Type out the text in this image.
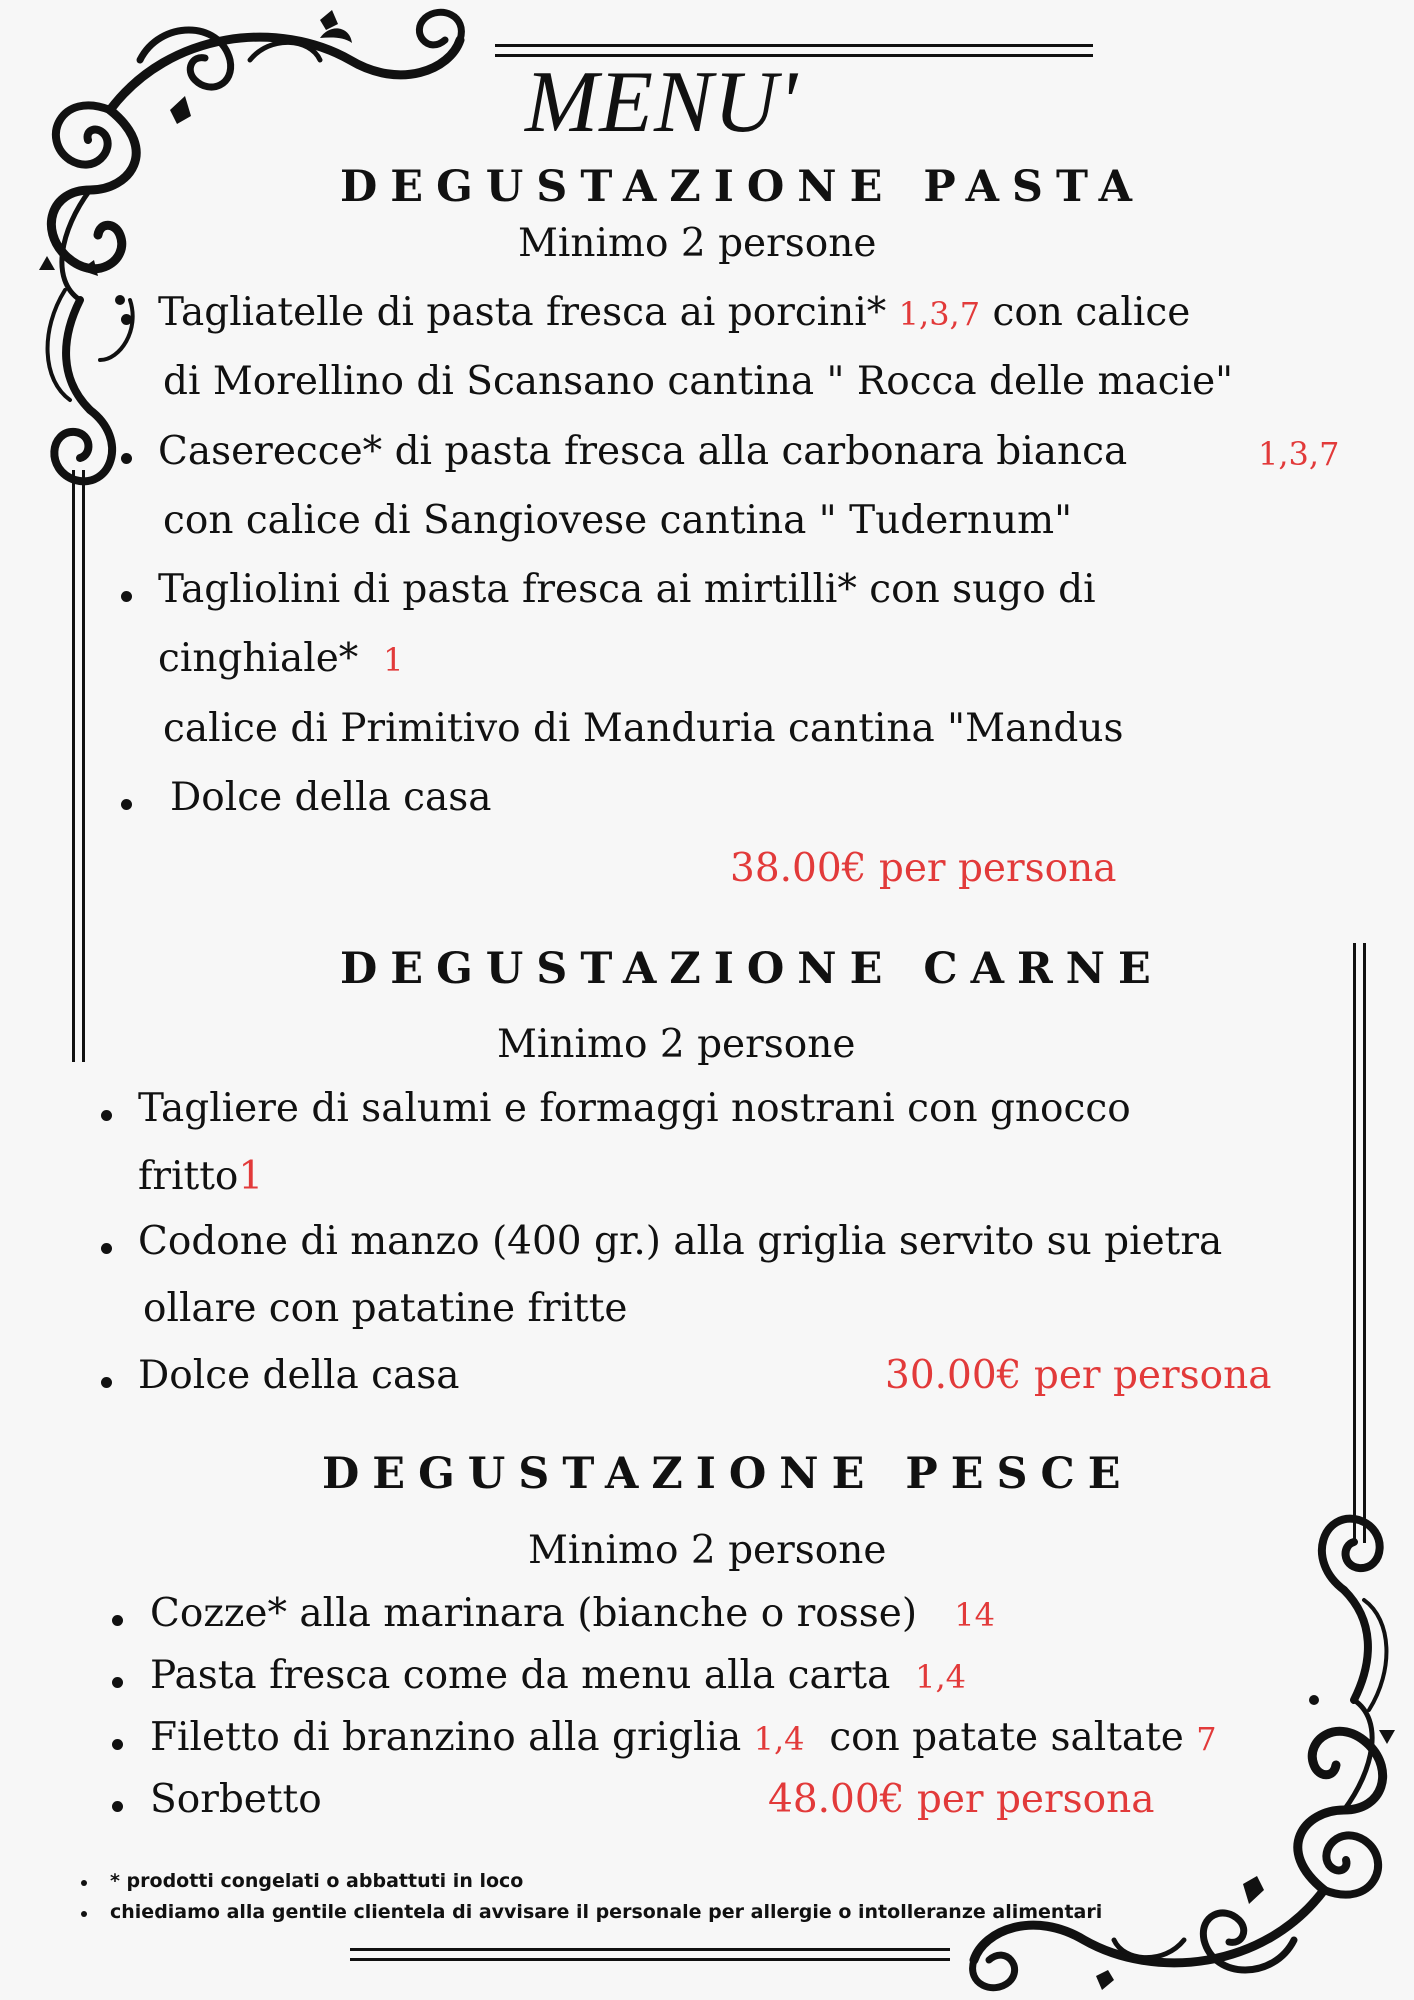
MENU'
DEGUSTAZIONE PASTA
Minimo 2 persone
Tagliatelle di pasta fresca ai porcini* 1,3,7 con calice
di Morellino di Scansano cantina " Rocca delle macie"
Caserecce* di pasta fresca alla carbonara bianca	1,3,7
con calice di Sangiovese cantina " Tudernum"
Tagliolini di pasta fresca ai mirtilli* con sugo di
cinghiale* 1
calice di Primitivo di Manduria cantina "Mandus
Dolce della casa
38.00€ per persona
DEGUSTAZIONE CARNE
Minimo 2 persone
Tagliere di salumi e formaggi nostrani con gnocco
fritto1
Codone di manzo (400 gr.) alla griglia servito su pietra
ollare con patatine fritte
Dolce della casa	30.00€ per persona
DEGUSTAZIONE PESCE
Minimo 2 persone
Cozze* alla marinara (bianche o rosse) 14
Pasta fresca come da menu alla carta 1,4
Filetto di branzino alla griglia 1,4 con patate saltate 7
Sorbetto	48.00€ per persona
* prodotti congelati o abbattuti in loco
chiediamo alla gentile clientela di avvisare il personale per allergie o intolleranze alimentari
